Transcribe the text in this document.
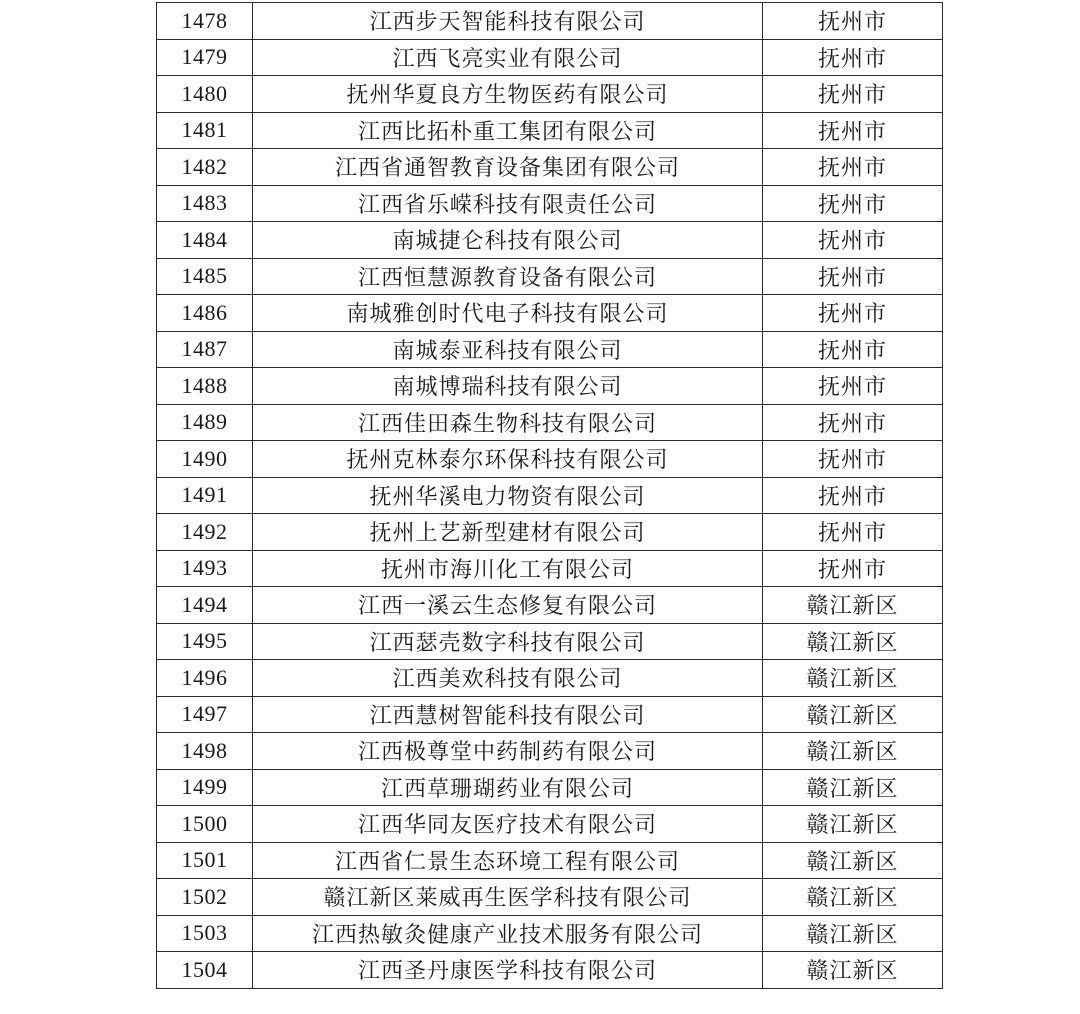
1478	江西步天智能科技有限公司	抚州市
1479	江西飞亮实业有限公司	抚州市
1480	抚州华夏良方生物医药有限公司	抚州市
1481	江西比拓朴重工集团有限公司	抚州市
1482	江西省通智教育设备集团有限公司	抚州市
1483	江西省乐嵘科技有限责任公司	抚州市
1484	南城捷仑科技有限公司	抚州市
1485	江西恒慧源教育设备有限公司	抚州市
1486	南城雅创时代电子科技有限公司	抚州市
1487	南城泰亚科技有限公司	抚州市
1488	南城博瑞科技有限公司	抚州市
1489	江西佳田森生物科技有限公司	抚州市
1490	抚州克林泰尔环保科技有限公司	抚州市
1491	抚州华溪电力物资有限公司	抚州市
1492	抚州上艺新型建材有限公司	抚州市
1493	抚州市海川化工有限公司	抚州市
1494	江西一溪云生态修复有限公司	赣江新区
1495	江西瑟壳数字科技有限公司	赣江新区
1496	江西美欢科技有限公司	赣江新区
1497	江西慧树智能科技有限公司	赣江新区
1498	江西极尊堂中药制药有限公司	赣江新区
1499	江西草珊瑚药业有限公司	赣江新区
1500	江西华同友医疗技术有限公司	赣江新区
1501	江西省仁景生态环境工程有限公司	赣江新区
1502	赣江新区莱威再生医学科技有限公司	赣江新区
1503	江西热敏灸健康产业技术服务有限公司	赣江新区
1504	江西圣丹康医学科技有限公司	赣江新区
